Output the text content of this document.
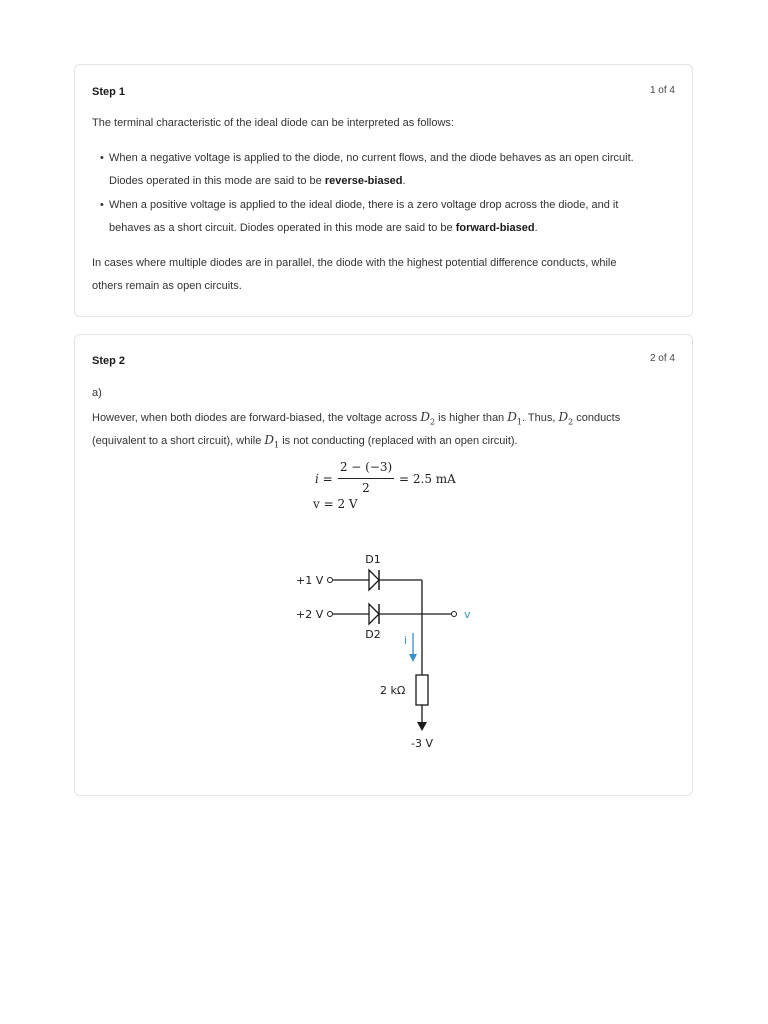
Step 1	1 of 4
The terminal characteristic of the ideal diode can be interpreted as follows:
• When a negative voltage is applied to the diode, no current flows, and the diode behaves as an open circuit.
Diodes operated in this mode are said to be reverse-biased.
• When a positive voltage is applied to the ideal diode, there is a zero voltage drop across the diode, and it
behaves as a short circuit. Diodes operated in this mode are said to be forward-biased.
In cases where multiple diodes are in parallel, the diode with the highest potential difference conducts, while
others remain as open circuits.
Step 2	2 of 4
a)
However, when both diodes are forward-biased, the voltage across $D_2$ is higher than $D_1$. Thus, $D_2$ conducts
(equivalent to a short circuit), while $D_1$ is not conducting (replaced with an open circuit).
i =
2 − (−3)
2
= 2.5 mA
v = 2 V
D1
D2
+1 V
+2 V	v
i
2 kΩ
-3 V
